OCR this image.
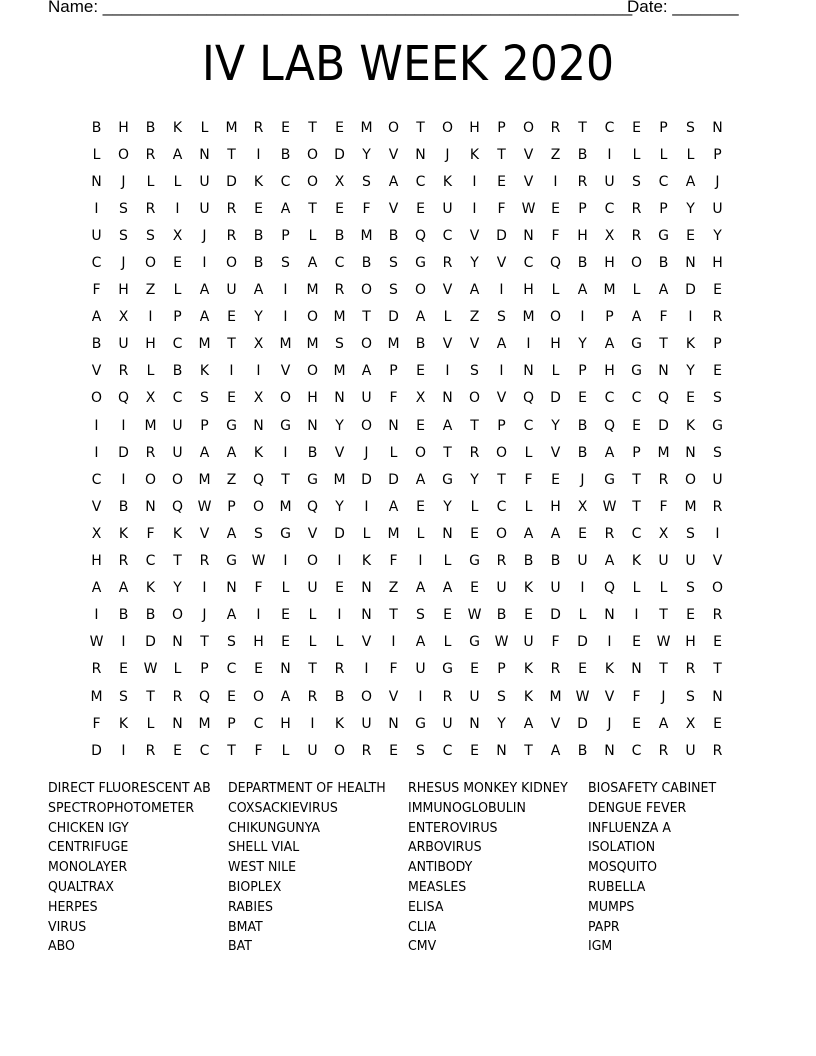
Name: ________________________________________________________
Date: _______
IV LAB WEEK 2020
B	H	B	K	L	M	R	E	T	E	M	O	T	O	H	P	O	R	T	C	E	P	S	N
L	O	R	A	N	T	I	B	O	D	Y	V	N	J	K	T	V	Z	B	I	L	L	L	P
N	J	L	L	U	D	K	C	O	X	S	A	C	K	I	E	V	I	R	U	S	C	A	J
I	S	R	I	U	R	E	A	T	E	F	V	E	U	I	F	W	E	P	C	R	P	Y	U
U	S	S	X	J	R	B	P	L	B	M	B	Q	C	V	D	N	F	H	X	R	G	E	Y
C	J	O	E	I	O	B	S	A	C	B	S	G	R	Y	V	C	Q	B	H	O	B	N	H
F	H	Z	L	A	U	A	I	M	R	O	S	O	V	A	I	H	L	A	M	L	A	D	E
A	X	I	P	A	E	Y	I	O	M	T	D	A	L	Z	S	M	O	I	P	A	F	I	R
B	U	H	C	M	T	X	M	M	S	O	M	B	V	V	A	I	H	Y	A	G	T	K	P
V	R	L	B	K	I	I	V	O	M	A	P	E	I	S	I	N	L	P	H	G	N	Y	E
O	Q	X	C	S	E	X	O	H	N	U	F	X	N	O	V	Q	D	E	C	C	Q	E	S
I	I	M	U	P	G	N	G	N	Y	O	N	E	A	T	P	C	Y	B	Q	E	D	K	G
I	D	R	U	A	A	K	I	B	V	J	L	O	T	R	O	L	V	B	A	P	M	N	S
C	I	O	O	M	Z	Q	T	G	M	D	D	A	G	Y	T	F	E	J	G	T	R	O	U
V	B	N	Q	W	P	O	M	Q	Y	I	A	E	Y	L	C	L	H	X	W	T	F	M	R
X	K	F	K	V	A	S	G	V	D	L	M	L	N	E	O	A	A	E	R	C	X	S	I
H	R	C	T	R	G	W	I	O	I	K	F	I	L	G	R	B	B	U	A	K	U	U	V
A	A	K	Y	I	N	F	L	U	E	N	Z	A	A	E	U	K	U	I	Q	L	L	S	O
I	B	B	O	J	A	I	E	L	I	N	T	S	E	W	B	E	D	L	N	I	T	E	R
W	I	D	N	T	S	H	E	L	L	V	I	A	L	G	W	U	F	D	I	E	W	H	E
R	E	W	L	P	C	E	N	T	R	I	F	U	G	E	P	K	R	E	K	N	T	R	T
M	S	T	R	Q	E	O	A	R	B	O	V	I	R	U	S	K	M	W	V	F	J	S	N
F	K	L	N	M	P	C	H	I	K	U	N	G	U	N	Y	A	V	D	J	E	A	X	E
D	I	R	E	C	T	F	L	U	O	R	E	S	C	E	N	T	A	B	N	C	R	U	R
DIRECT FLUORESCENT AB
SPECTROPHOTOMETER
CHICKEN IGY
CENTRIFUGE
MONOLAYER
QUALTRAX
HERPES
VIRUS
ABO
DEPARTMENT OF HEALTH
COXSACKIEVIRUS
CHIKUNGUNYA
SHELL VIAL
WEST NILE
BIOPLEX
RABIES
BMAT
BAT
RHESUS MONKEY KIDNEY
IMMUNOGLOBULIN
ENTEROVIRUS
ARBOVIRUS
ANTIBODY
MEASLES
ELISA
CLIA
CMV
BIOSAFETY CABINET
DENGUE FEVER
INFLUENZA A
ISOLATION
MOSQUITO
RUBELLA
MUMPS
PAPR
IGM
